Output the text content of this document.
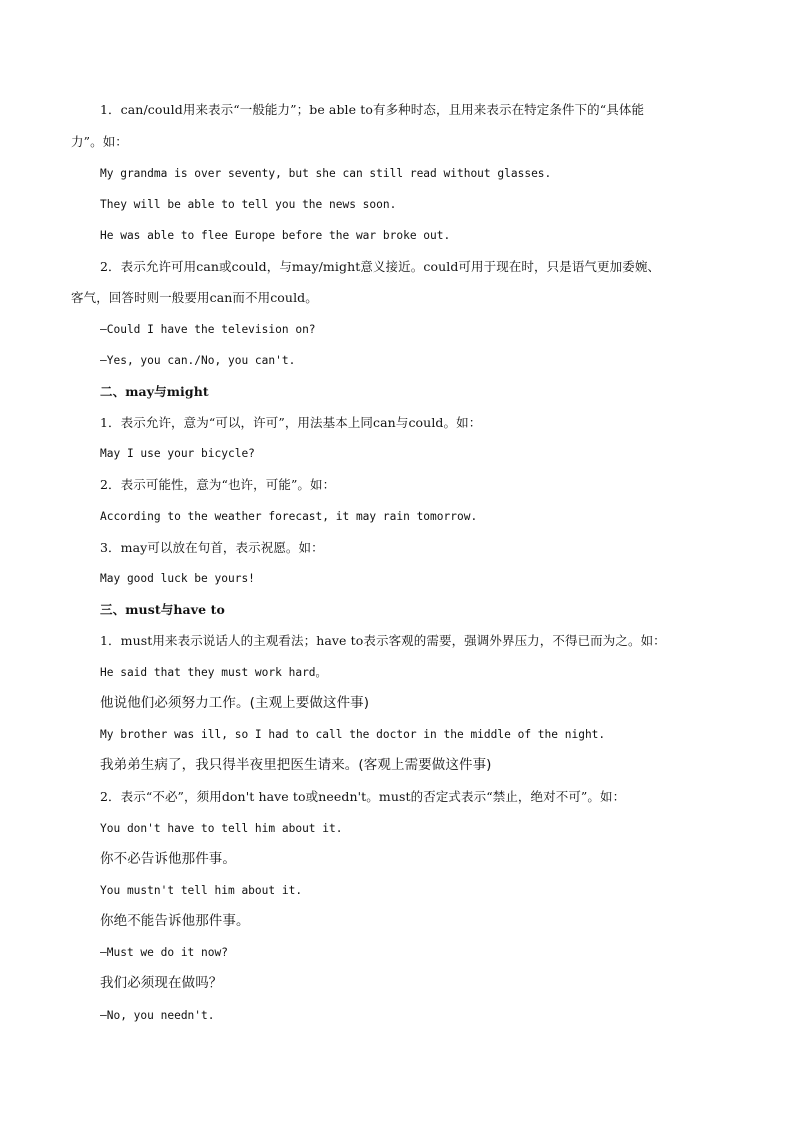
1．can/could用来表示“一般能力”；be able to有多种时态，且用来表示在特定条件下的“具体能
力”。如：
My grandma is over seventy, but she can still read without glasses.
They will be able to tell you the news soon.
He was able to flee Europe before the war broke out.
2．表示允许可用can或could，与may/might意义接近。could可用于现在时，只是语气更加委婉、
客气，回答时则一般要用can而不用could。
—Could I have the television on?
—Yes, you can./No, you can't.
二、may与might
1．表示允许，意为“可以，许可”，用法基本上同can与could。如：
May I use your bicycle?
2．表示可能性，意为“也许，可能”。如：
According to the weather forecast, it may rain tomorrow.
3．may可以放在句首，表示祝愿。如：
May good luck be yours!
三、must与have to
1．must用来表示说话人的主观看法；have to表示客观的需要，强调外界压力，不得已而为之。如：
He said that they must work hard。
他说他们必须努力工作。(主观上要做这件事)
My brother was ill, so I had to call the doctor in the middle of the night.
我弟弟生病了，我只得半夜里把医生请来。(客观上需要做这件事)
2．表示“不必”，须用don't have to或needn't。must的否定式表示“禁止，绝对不可”。如：
You don't have to tell him about it.
你不必告诉他那件事。
You mustn't tell him about it.
你绝不能告诉他那件事。
—Must we do it now?
我们必须现在做吗？
—No, you needn't.
